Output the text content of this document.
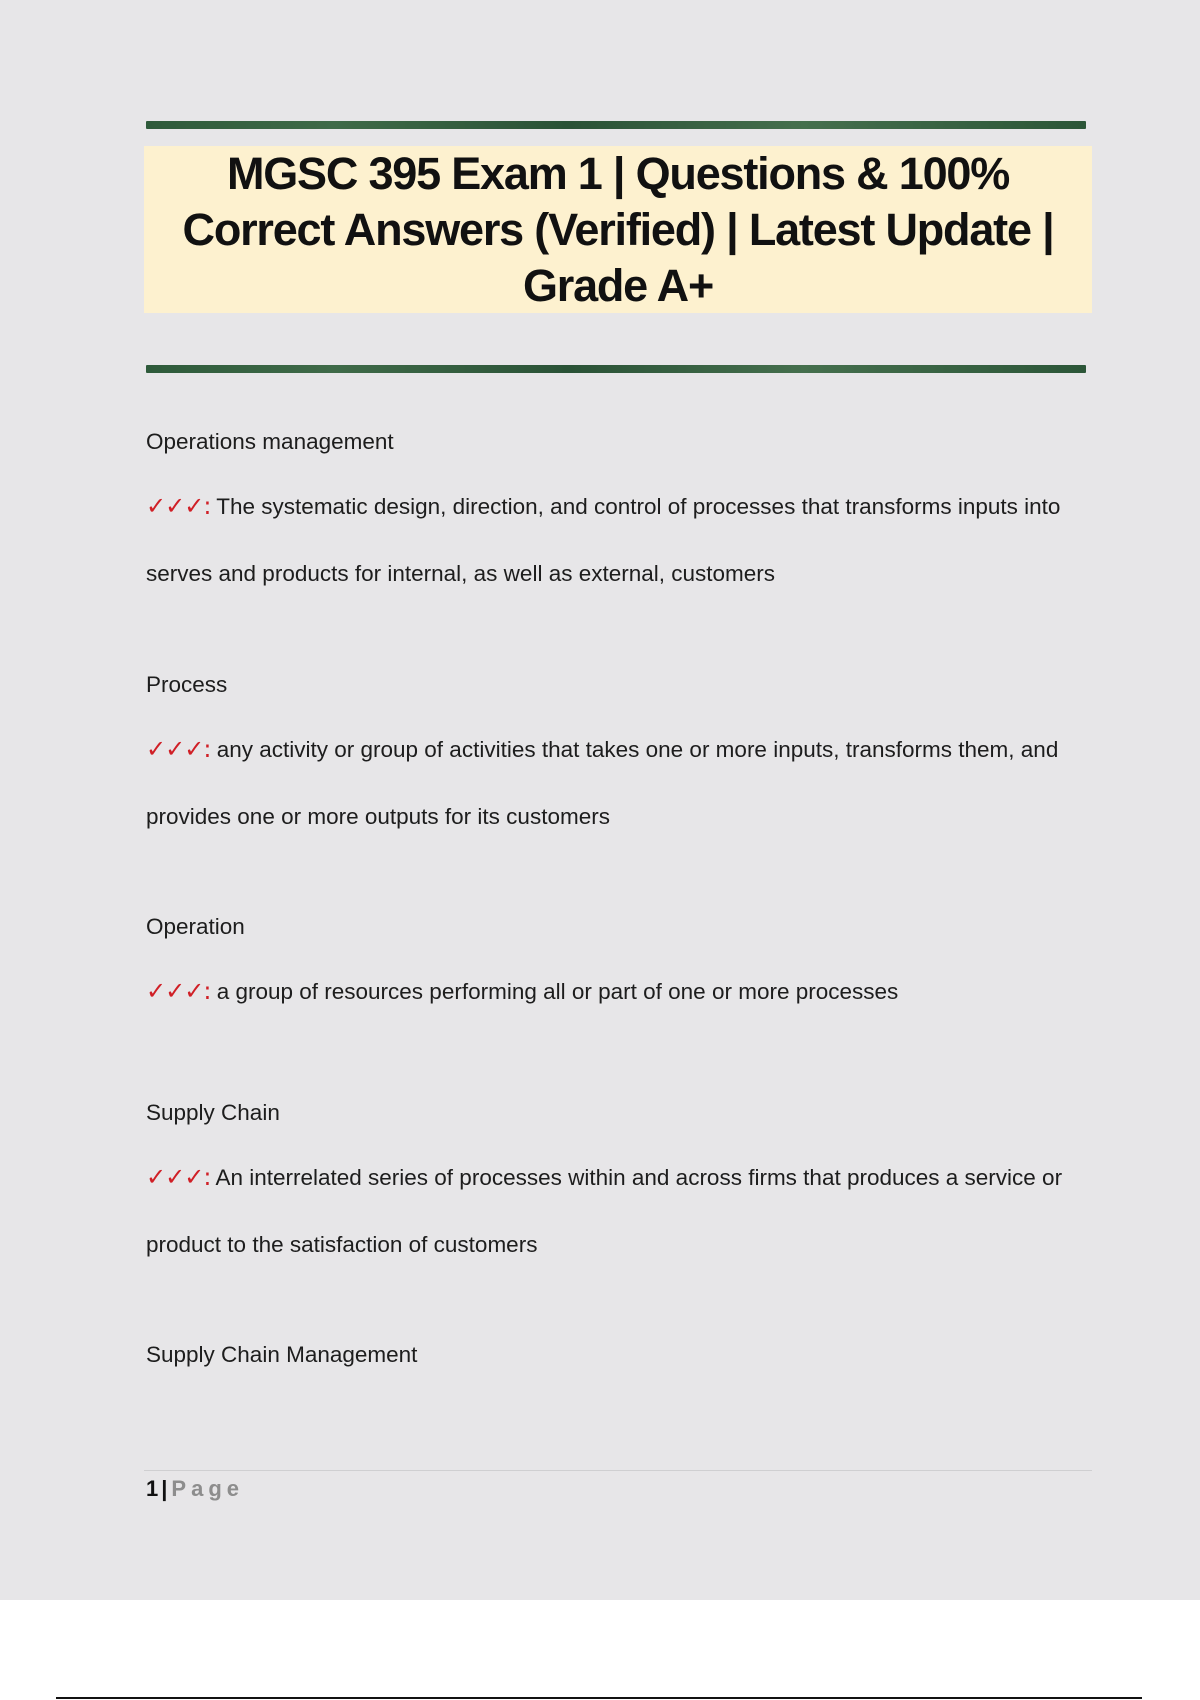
MGSC 395 Exam 1 | Questions & 100% Correct Answers (Verified) | Latest Update | Grade A+

Operations management

✓✓✓: The systematic design, direction, and control of processes that transforms inputs into serves and products for internal, as well as external, customers

Process

✓✓✓: any activity or group of activities that takes one or more inputs, transforms them, and provides one or more outputs for its customers

Operation

✓✓✓: a group of resources performing all or part of one or more processes

Supply Chain

✓✓✓: An interrelated series of processes within and across firms that produces a service or product to the satisfaction of customers

Supply Chain Management

1 | Page
